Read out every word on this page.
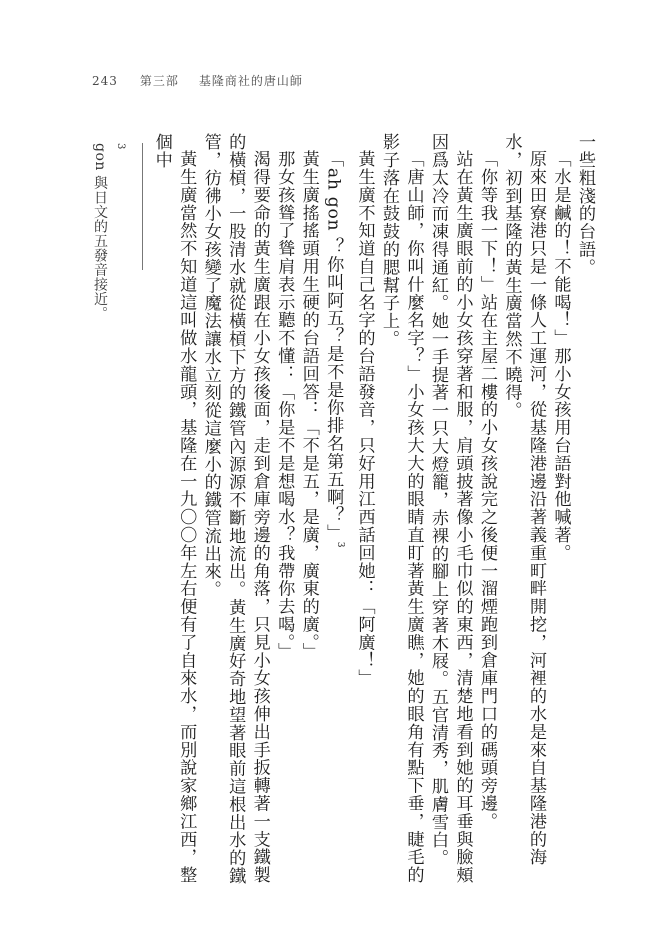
243 第三部 基隆商社的唐山師

一些粗淺的台語。

「水是鹹的！不能喝！」那小女孩用台語對他喊著。

原來田寮港只是一條人工運河，從基隆港邊沿著義重町畔開挖，河裡的水是來自基隆港的海水，初到基隆的黃生廣當然不曉得。

「你等我一下！」站在主屋二樓的小女孩說完之後便一溜煙跑到倉庫門口的碼頭旁邊。

站在黃生廣眼前的小女孩穿著和服，肩頭披著像小毛巾似的東西，清楚地看到她的耳垂與臉頰因爲太冷而凍得通紅。她一手提著一只大燈籠，赤裸的腳上穿著木屐。五官清秀，肌膚雪白。

「唐山師，你叫什麼名字？」小女孩大大的眼睛直盯著黃生廣瞧，她的眼角有點下垂，睫毛的影子落在鼓鼓的腮幫子上。

黃生廣不知道自己名字的台語發音，只好用江西話回她：「阿廣！」

「ah gon ？你叫阿五？是不是你排名第五啊？」$^3$

黃生廣搖搖頭用生硬的台語回答：「不是五，是廣，廣東的廣。」

那女孩聳了聳肩表示聽不懂：「你是不是想喝水？我帶你去喝。」

渴得要命的黃生廣跟在小女孩後面，走到倉庫旁邊的角落，只見小女孩伸出手扳轉著一支鐵製的橫槓，一股清水就從橫槓下方的鐵管內源源不斷地流出。黃生廣好奇地望著眼前這根出水的鐵管，彷彿小女孩變了魔法讓水立刻從這麼小的鐵管流出來。

黃生廣當然不知道這叫做水龍頭，基隆在一九〇〇年左右便有了自來水，而別說家鄉江西，整個中

3
gon 與日文的五發音接近。
